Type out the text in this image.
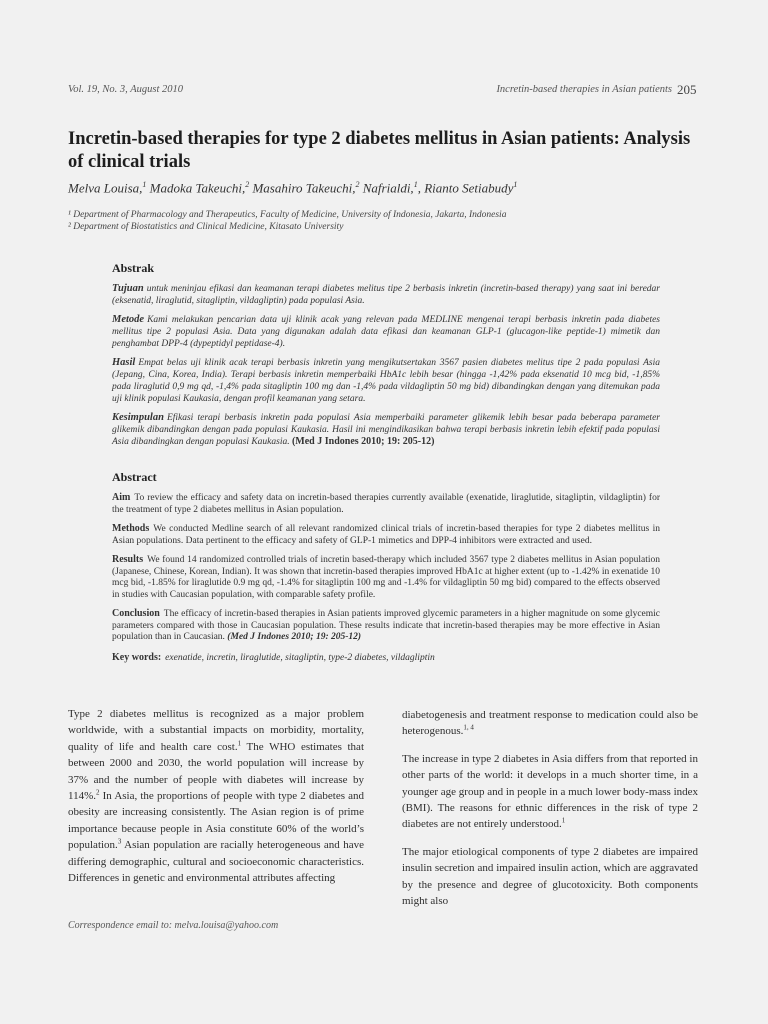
Vol. 19, No. 3, August 2010	Incretin-based therapies in Asian patients 205
Incretin-based therapies for type 2 diabetes mellitus in Asian patients: Analysis of clinical trials
Melva Louisa,$^1$ Madoka Takeuchi,$^2$ Masahiro Takeuchi,$^2$ Nafrialdi,$^1$, Rianto Setiabudy$^1$
¹ Department of Pharmacology and Therapeutics, Faculty of Medicine, University of Indonesia, Jakarta, Indonesia
² Department of Biostatistics and Clinical Medicine, Kitasato University
Abstrak

Tujuan untuk meninjau efikasi dan keamanan terapi diabetes melitus tipe 2 berbasis inkretin (incretin-based therapy) yang saat ini beredar (eksenatid, liraglutid, sitagliptin, vildagliptin) pada populasi Asia.

Metode Kami melakukan pencarian data uji klinik acak yang relevan pada MEDLINE mengenai terapi berbasis inkretin pada diabetes mellitus tipe 2 populasi Asia. Data yang digunakan adalah data efikasi dan keamanan GLP-1 (glucagon-like peptide-1) mimetik dan penghambat DPP-4 (dypeptidyl peptidase-4).

Hasil Empat belas uji klinik acak terapi berbasis inkretin yang mengikutsertakan 3567 pasien diabetes melitus tipe 2 pada populasi Asia (Jepang, Cina, Korea, India). Terapi berbasis inkretin memperbaiki HbA1c lebih besar (hingga -1,42% pada eksenatid 10 mcg bid, -1,85% pada liraglutid 0,9 mg qd, -1,4% pada sitagliptin 100 mg dan -1,4% pada vildagliptin 50 mg bid) dibandingkan dengan yang ditemukan pada uji klinik populasi Kaukasia, dengan profil keamanan yang setara.

Kesimpulan Efikasi terapi berbasis inkretin pada populasi Asia memperbaiki parameter glikemik lebih besar pada beberapa parameter glikemik dibandingkan dengan pada populasi Kaukasia. Hasil ini mengindikasikan bahwa terapi berbasis inkretin lebih efektif pada populasi Asia dibandingkan dengan populasi Kaukasia. (Med J Indones 2010; 19: 205-12)

Abstract

Aim To review the efficacy and safety data on incretin-based therapies currently available (exenatide, liraglutide, sitagliptin, vildagliptin) for the treatment of type 2 diabetes mellitus in Asian population.

Methods We conducted Medline search of all relevant randomized clinical trials of incretin-based therapies for type 2 diabetes mellitus in Asian populations. Data pertinent to the efficacy and safety of GLP-1 mimetics and DPP-4 inhibitors were extracted and used.

Results We found 14 randomized controlled trials of incretin based-therapy which included 3567 type 2 diabetes mellitus in Asian population (Japanese, Chinese, Korean, Indian). It was shown that incretin-based therapies improved HbA1c at higher extent (up to -1.42% in exenatide 10 mcg bid, -1.85% for liraglutide 0.9 mg qd, -1.4% for sitagliptin 100 mg and -1.4% for vildagliptin 50 mg bid) compared to the effects observed in studies with Caucasian population, with comparable safety profile.

Conclusion The efficacy of incretin-based therapies in Asian patients improved glycemic parameters in a higher magnitude on some glycemic parameters compared with those in Caucasian population. These results indicate that incretin-based therapies may be more effective in Asian population than in Caucasian. (Med J Indones 2010; 19: 205-12)

Key words: exenatide, incretin, liraglutide, sitagliptin, type-2 diabetes, vildagliptin

Type 2 diabetes mellitus is recognized as a major problem worldwide, with a substantial impacts on morbidity, mortality, quality of life and health care cost.$^1$ The WHO estimates that between 2000 and 2030, the world population will increase by 37% and the number of people with diabetes will increase by 114%.$^2$ In Asia, the proportions of people with type 2 diabetes and obesity are increasing consistently. The Asian region is of prime importance because people in Asia constitute 60% of the world’s population.$^3$ Asian population are racially heterogeneous and have differing demographic, cultural and socioeconomic characteristics. Differences in genetic and environmental attributes affecting

diabetogenesis and treatment response to medication could also be heterogenous.$^{1, 4}$

The increase in type 2 diabetes in Asia differs from that reported in other parts of the world: it develops in a much shorter time, in a younger age group and in people in a much lower body-mass index (BMI). The reasons for ethnic differences in the risk of type 2 diabetes are not entirely understood.$^1$

The major etiological components of type 2 diabetes are impaired insulin secretion and impaired insulin action, which are aggravated by the presence and degree of glucotoxicity. Both components might also

Correspondence email to: melva.louisa@yahoo.com
